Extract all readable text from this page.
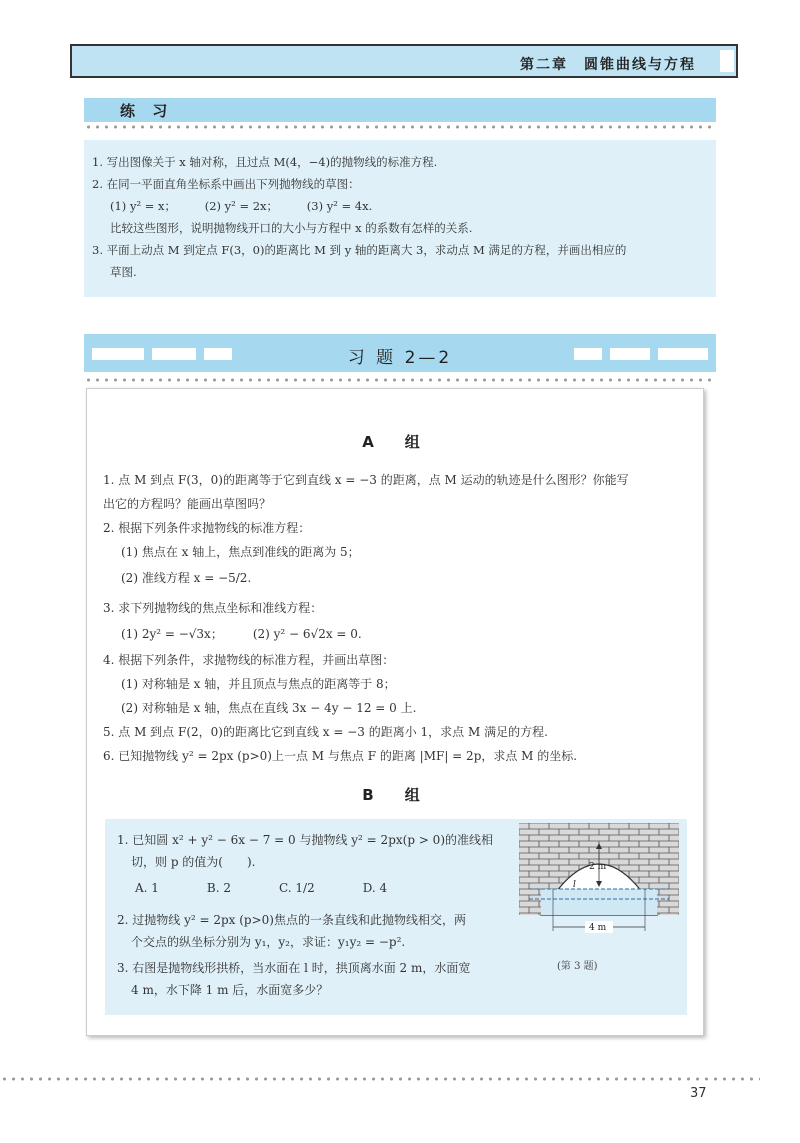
第二章　圆锥曲线与方程
练 习
1. 写出图像关于 x 轴对称，且过点 M(4，−4)的抛物线的标准方程.
2. 在同一平面直角坐标系中画出下列抛物线的草图：
(1) y² = x；　　　(2) y² = 2x；　　　(3) y² = 4x.
比较这些图形，说明抛物线开口的大小与方程中 x 的系数有怎样的关系.
3. 平面上动点 M 到定点 F(3，0)的距离比 M 到 y 轴的距离大 3，求动点 M 满足的方程，并画出相应的
草图.
习 题 2—2
A　组
1. 点 M 到点 F(3，0)的距离等于它到直线 x = −3 的距离，点 M 运动的轨迹是什么图形？你能写
出它的方程吗？能画出草图吗？
2. 根据下列条件求抛物线的标准方程：
(1) 焦点在 x 轴上，焦点到准线的距离为 5；
(2) 准线方程 x = −5/2.
3. 求下列抛物线的焦点坐标和准线方程：
(1) 2y² = −√3x；　　　(2) y² − 6√2x = 0.
4. 根据下列条件，求抛物线的标准方程，并画出草图：
(1) 对称轴是 x 轴，并且顶点与焦点的距离等于 8；
(2) 对称轴是 x 轴，焦点在直线 3x − 4y − 12 = 0 上.
5. 点 M 到点 F(2，0)的距离比它到直线 x = −3 的距离小 1，求点 M 满足的方程.
6. 已知抛物线 y² = 2px (p>0)上一点 M 与焦点 F 的距离 |MF| = 2p，求点 M 的坐标.
B　组
1. 已知圆 x² + y² − 6x − 7 = 0 与抛物线 y² = 2px(p > 0)的准线相
切，则 p 的值为(　　).
A. 1　　　　B. 2　　　　C. 1/2　　　　D. 4
2. 过抛物线 y² = 2px (p>0)焦点的一条直线和此抛物线相交，两
个交点的纵坐标分别为 y₁，y₂，求证：y₁y₂ = −p².
3. 右图是抛物线形拱桥，当水面在 l 时，拱顶离水面 2 m，水面宽
4 m，水下降 1 m 后，水面宽多少？
2 m
l
4 m
(第 3 题)
37
